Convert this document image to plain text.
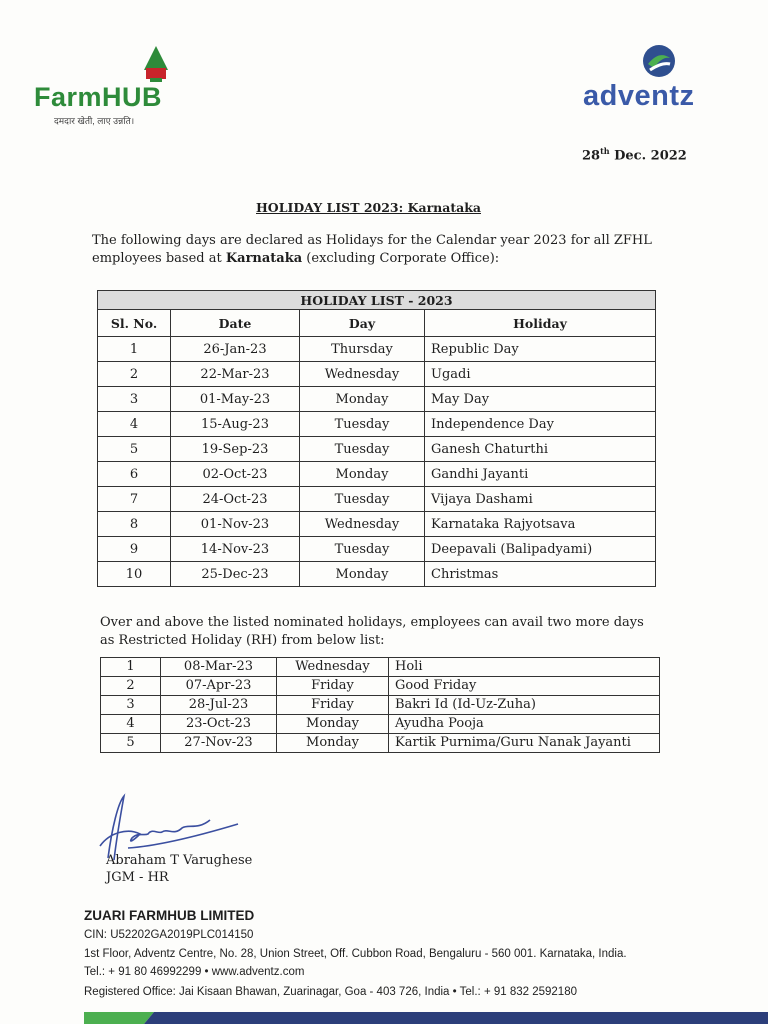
FarmHUB
दमदार खेती, लाए उन्नति।
adventz
28th Dec. 2022
HOLIDAY LIST 2023: Karnataka
The following days are declared as Holidays for the Calendar year 2023 for all ZFHL employees based at Karnataka (excluding Corporate Office):
HOLIDAY LIST - 2023			
Sl. No.	Date	Day	Holiday
1	26-Jan-23	Thursday	Republic Day
2	22-Mar-23	Wednesday	Ugadi
3	01-May-23	Monday	May Day
4	15-Aug-23	Tuesday	Independence Day
5	19-Sep-23	Tuesday	Ganesh Chaturthi
6	02-Oct-23	Monday	Gandhi Jayanti
7	24-Oct-23	Tuesday	Vijaya Dashami
8	01-Nov-23	Wednesday	Karnataka Rajyotsava
9	14-Nov-23	Tuesday	Deepavali (Balipadyami)
10	25-Dec-23	Monday	Christmas
Over and above the listed nominated holidays, employees can avail two more days as Restricted Holiday (RH) from below list:
1	08-Mar-23	Wednesday	Holi
2	07-Apr-23	Friday	Good Friday
3	28-Jul-23	Friday	Bakri Id (Id-Uz-Zuha)
4	23-Oct-23	Monday	Ayudha Pooja
5	27-Nov-23	Monday	Kartik Purnima/Guru Nanak Jayanti
Abraham T Varughese
JGM - HR
ZUARI FARMHUB LIMITED
CIN: U52202GA2019PLC014150
1st Floor, Adventz Centre, No. 28, Union Street, Off. Cubbon Road, Bengaluru - 560 001. Karnataka, India.
Tel.: + 91 80 46992299 • www.adventz.com
Registered Office: Jai Kisaan Bhawan, Zuarinagar, Goa - 403 726, India • Tel.: + 91 832 2592180
